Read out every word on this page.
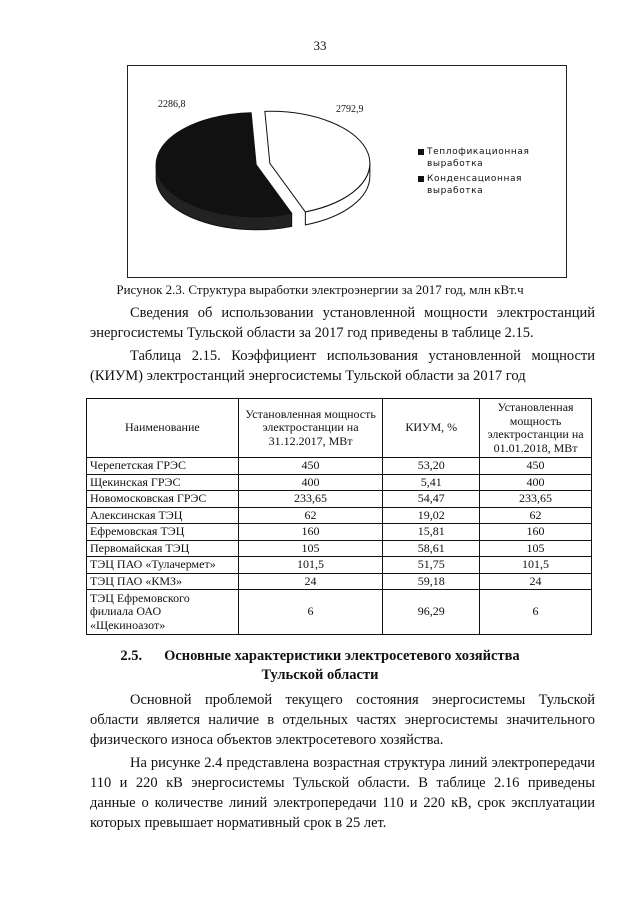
33
2286,8	2792,9
Теплофикационная выработка
Конденсационная выработка
Рисунок 2.3. Структура выработки электроэнергии за 2017 год, млн кВт.ч
Сведения об использовании установленной мощности электростанций энергосистемы Тульской области за 2017 год приведены в таблице 2.15.
Таблица 2.15. Коэффициент использования установленной мощности (КИУМ) электростанций энергосистемы Тульской области за 2017 год
Наименование	Установленная мощность электростанции на 31.12.2017, МВт	КИУМ, %	Установленная мощность электростанции на 01.01.2018, МВт
Черепетская ГРЭС	450	53,20	450
Щекинская ГРЭС	400	5,41	400
Новомосковская ГРЭС	233,65	54,47	233,65
Алексинская ТЭЦ	62	19,02	62
Ефремовская ТЭЦ	160	15,81	160
Первомайская ТЭЦ	105	58,61	105
ТЭЦ ПАО «Тулачермет»	101,5	51,75	101,5
ТЭЦ ПАО «КМЗ»	24	59,18	24
ТЭЦ Ефремовского филиала ОАО «Щекиноазот»	6	96,29	6
2.5. Основные характеристики электросетевого хозяйства
Тульской области
Основной проблемой текущего состояния энергосистемы Тульской области является наличие в отдельных частях энергосистемы значительного физического износа объектов электросетевого хозяйства.
На рисунке 2.4 представлена возрастная структура линий электропередачи 110 и 220 кВ энергосистемы Тульской области. В таблице 2.16 приведены данные о количестве линий электропередачи 110 и 220 кВ, срок эксплуатации которых превышает нормативный срок в 25 лет.
